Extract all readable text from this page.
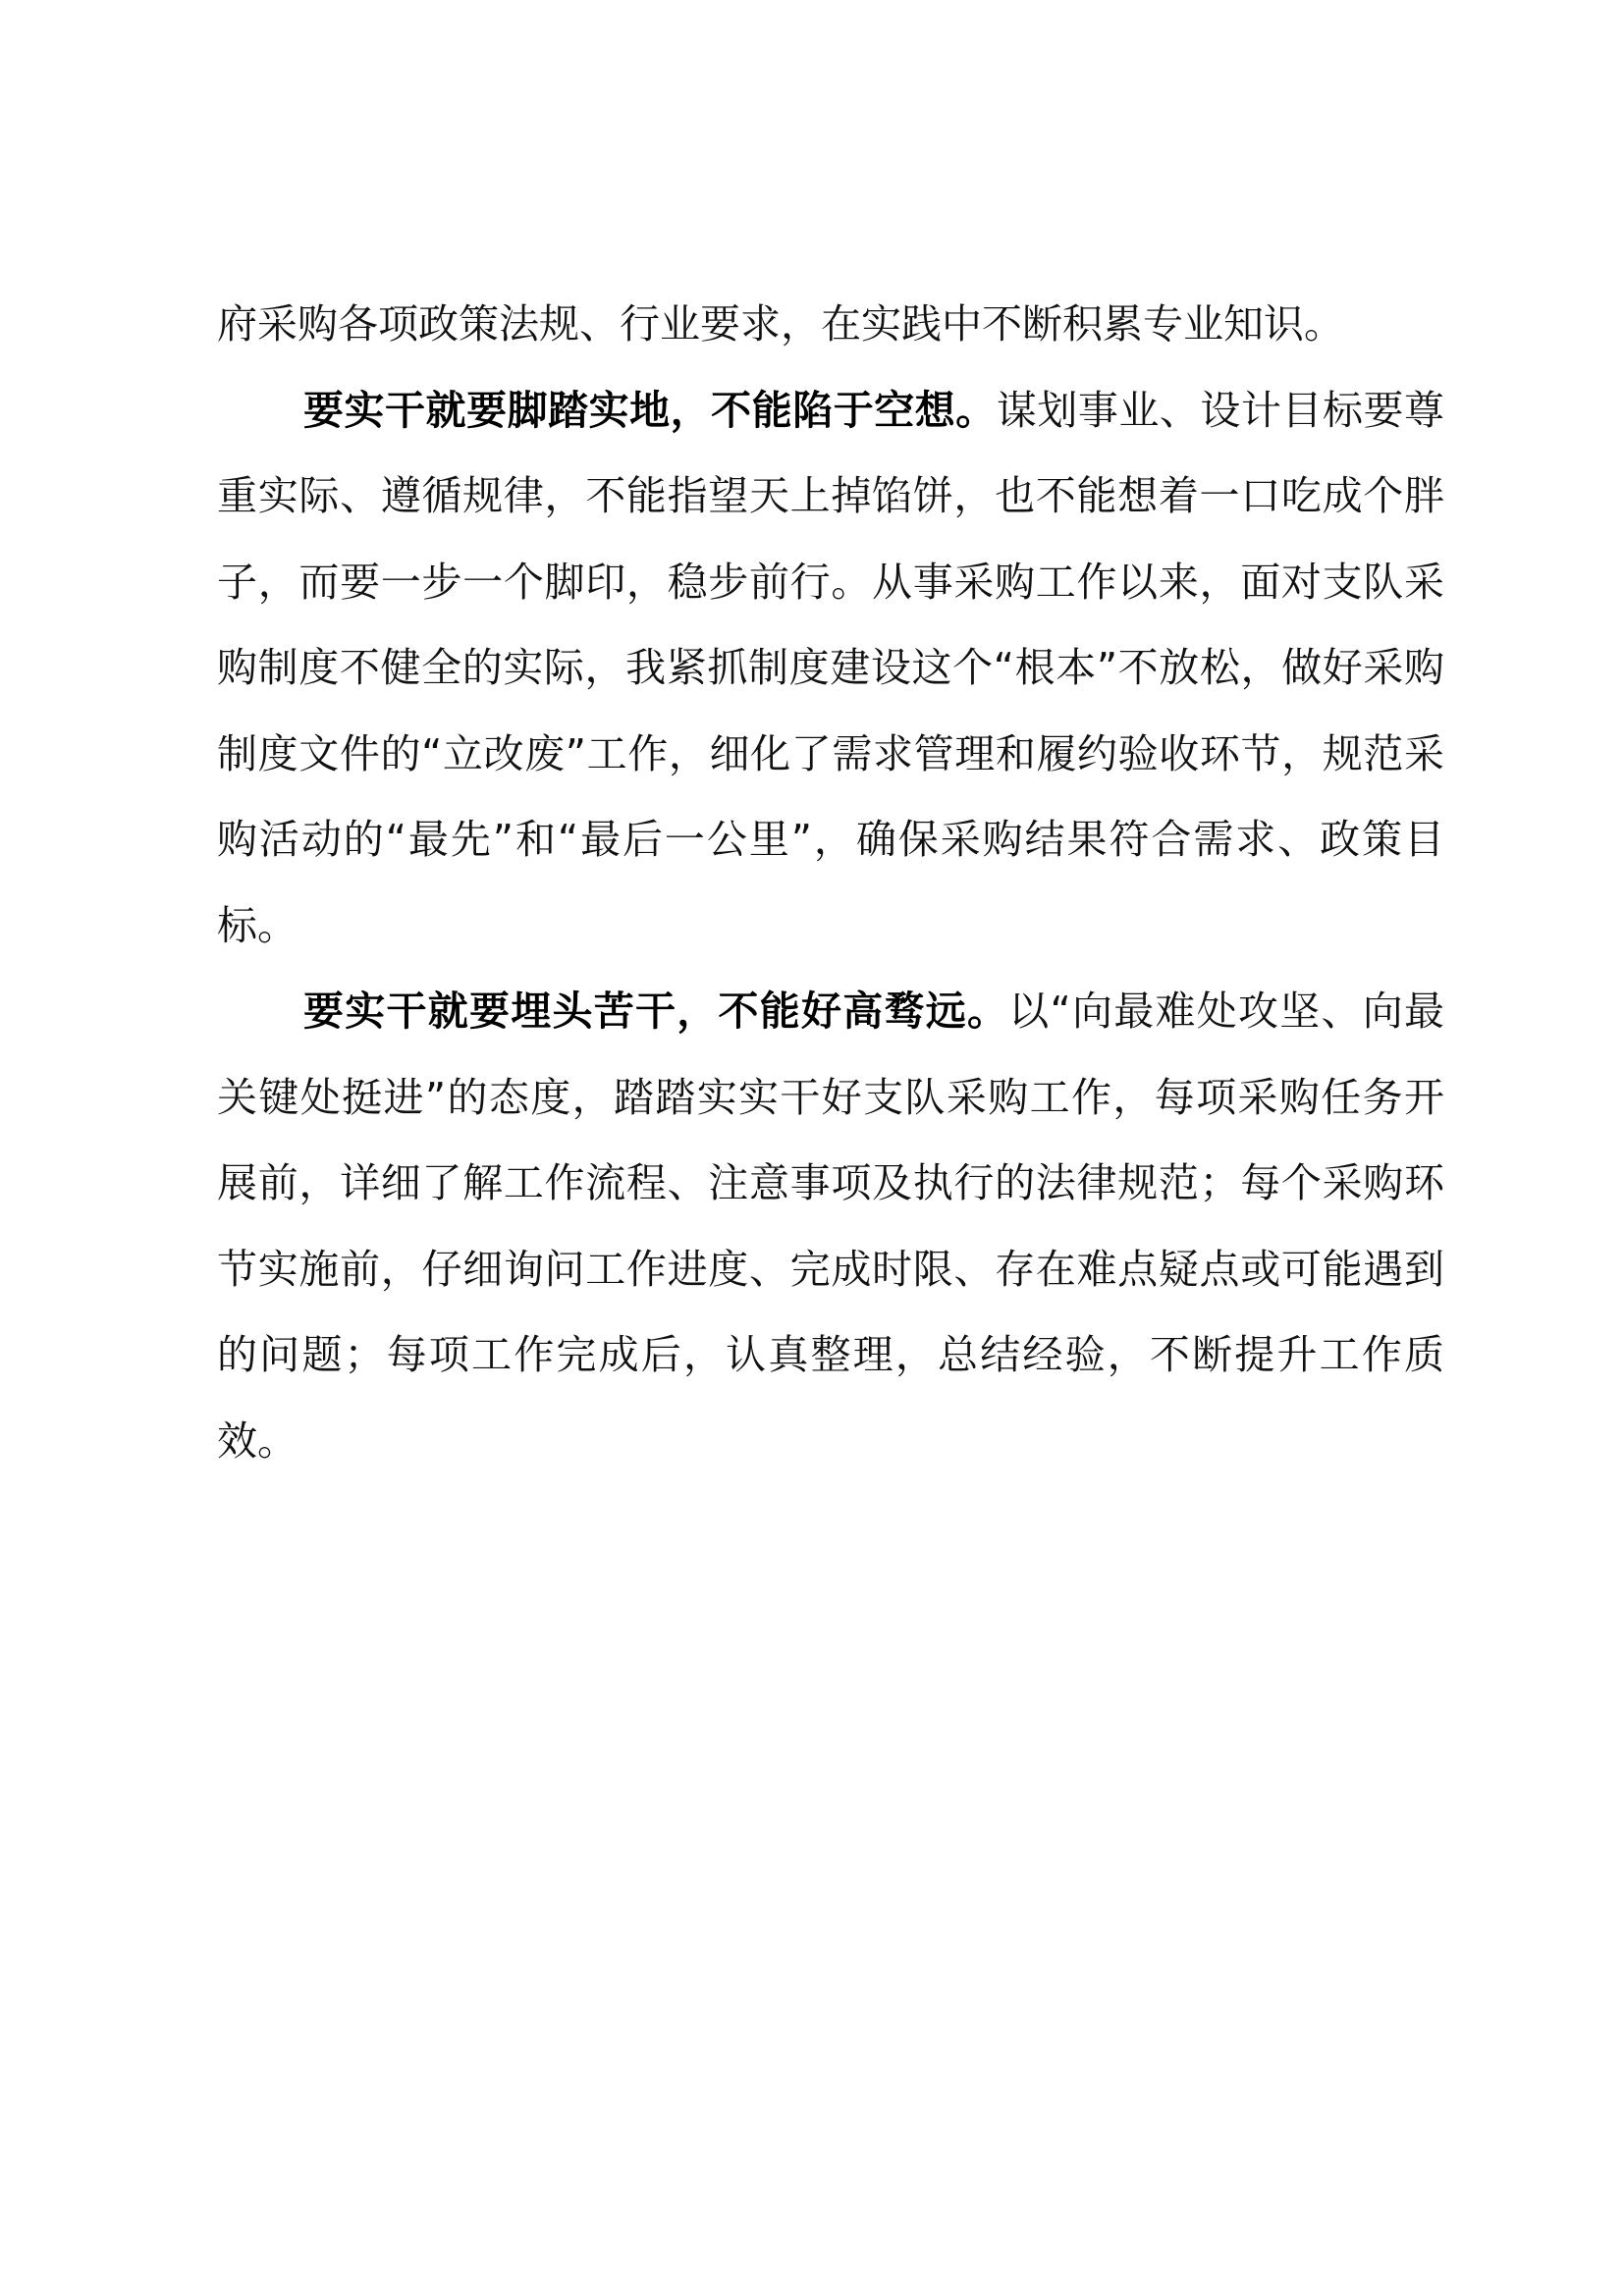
府采购各项政策法规、行业要求，在实践中不断积累专业知识。

要实干就要脚踏实地，不能陷于空想。谋划事业、设计目标要尊重实际、遵循规律，不能指望天上掉馅饼，也不能想着一口吃成个胖子，而要一步一个脚印，稳步前行。从事采购工作以来，面对支队采购制度不健全的实际，我紧抓制度建设这个“根本”不放松，做好采购制度文件的“立改废”工作，细化了需求管理和履约验收环节，规范采购活动的“最先”和“最后一公里”，确保采购结果符合需求、政策目标。

要实干就要埋头苦干，不能好高骛远。以“向最难处攻坚、向最关键处挺进”的态度，踏踏实实干好支队采购工作，每项采购任务开展前，详细了解工作流程、注意事项及执行的法律规范；每个采购环节实施前，仔细询问工作进度、完成时限、存在难点疑点或可能遇到的问题；每项工作完成后，认真整理，总结经验，不断提升工作质效。
